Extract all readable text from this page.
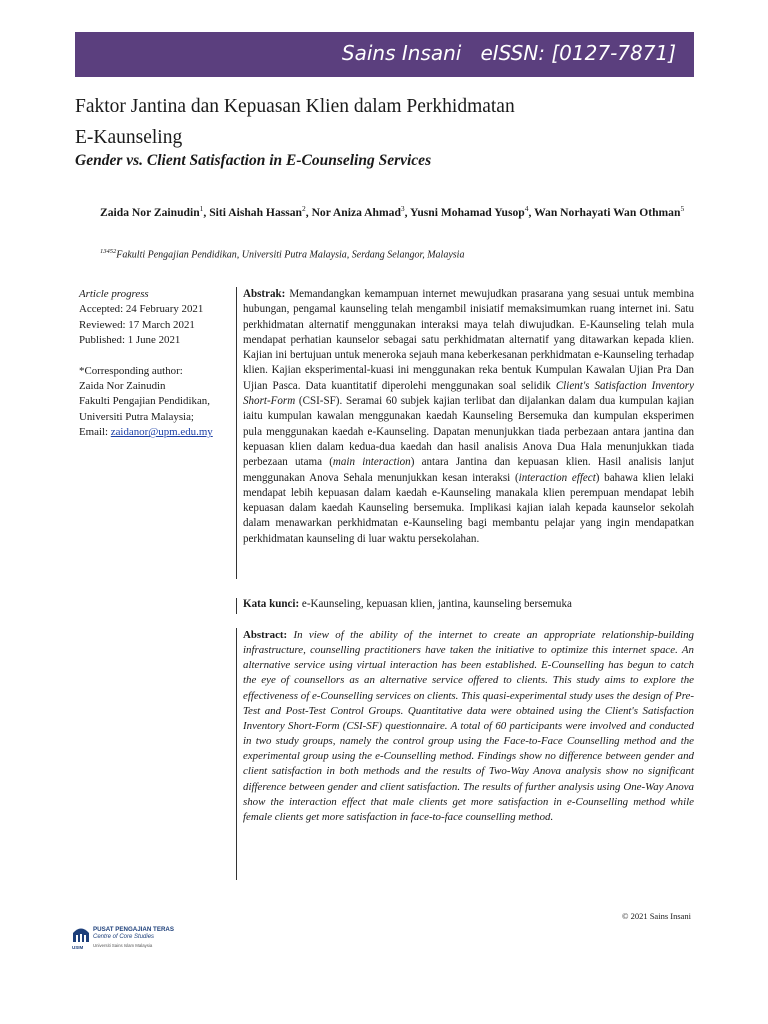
Sains Insani   eISSN: [0127-7871]
Faktor Jantina dan Kepuasan Klien dalam Perkhidmatan
E-Kaunseling
Gender vs. Client Satisfaction in E-Counseling Services
Zaida Nor Zainudin$^1$, Siti Aishah Hassan$^2$, Nor Aniza Ahmad$^3$, Yusni Mohamad Yusop$^4$, Wan Norhayati Wan Othman$^5$
$^{13452}$Fakulti Pengajian Pendidikan, Universiti Putra Malaysia, Serdang Selangor, Malaysia

Article progress

Accepted: 24 February 2021

Reviewed: 17 March 2021

Published: 1 June 2021

*Corresponding author:

Zaida Nor Zainudin

Fakulti Pengajian Pendidikan,

Universiti Putra Malaysia;

Email: zaidanor@upm.edu.my

Abstrak: Memandangkan kemampuan internet mewujudkan prasarana yang sesuai untuk membina hubungan, pengamal kaunseling telah mengambil inisiatif memaksimumkan ruang internet ini. Satu perkhidmatan alternatif menggunakan interaksi maya telah diwujudkan. E-Kaunseling telah mula mendapat perhatian kaunselor sebagai satu perkhidmatan alternatif yang ditawarkan kepada klien. Kajian ini bertujuan untuk meneroka sejauh mana keberkesanan perkhidmatan e-Kaunseling terhadap klien. Kajian eksperimental-kuasi ini menggunakan reka bentuk Kumpulan Kawalan Ujian Pra Dan Ujian Pasca. Data kuantitatif diperolehi menggunakan soal selidik Client's Satisfaction Inventory Short-Form (CSI-SF). Seramai 60 subjek kajian terlibat dan dijalankan dalam dua kumpulan kajian iaitu kumpulan kawalan menggunakan kaedah Kaunseling Bersemuka dan kumpulan eksperimen pula menggunakan kaedah e-Kaunseling. Dapatan menunjukkan tiada perbezaan antara jantina dan kepuasan klien dalam kedua-dua kaedah dan hasil analisis Anova Dua Hala menunjukkan tiada perbezaan utama (main interaction) antara Jantina dan kepuasan klien. Hasil analisis lanjut menggunakan Anova Sehala menunjukkan kesan interaksi (interaction effect) bahawa klien lelaki mendapat lebih kepuasan dalam kaedah e-Kaunseling manakala klien perempuan mendapat lebih kepuasan dalam kaedah Kaunseling bersemuka. Implikasi kajian ialah kepada kaunselor sekolah dalam menawarkan perkhidmatan e-Kaunseling bagi membantu pelajar yang ingin mendapatkan perkhidmatan kaunseling di luar waktu persekolahan.
Kata kunci: e-Kaunseling, kepuasan klien, jantina, kaunseling bersemuka
Abstract: In view of the ability of the internet to create an appropriate relationship-building infrastructure, counselling practitioners have taken the initiative to optimize this internet space. An alternative service using virtual interaction has been established. E-Counselling has begun to catch the eye of counsellors as an alternative service offered to clients. This study aims to explore the effectiveness of e-Counselling services on clients. This quasi-experimental study uses the design of Pre-Test and Post-Test Control Groups. Quantitative data were obtained using the Client's Satisfaction Inventory Short-Form (CSI-SF) questionnaire. A total of 60 participants were involved and conducted in two study groups, namely the control group using the Face-to-Face Counselling method and the experimental group using the e-Counselling method. Findings show no difference between gender and client satisfaction in both methods and the results of Two-Way Anova analysis show no significant difference between gender and client satisfaction. The results of further analysis using One-Way Anova show the interaction effect that male clients get more satisfaction in e-Counselling method while female clients get more satisfaction in face-to-face counselling method.
© 2021 Sains Insani
USIM
PUSAT PENGAJIAN TERAS
Centre of Core Studies
Universiti Sains Islam Malaysia
